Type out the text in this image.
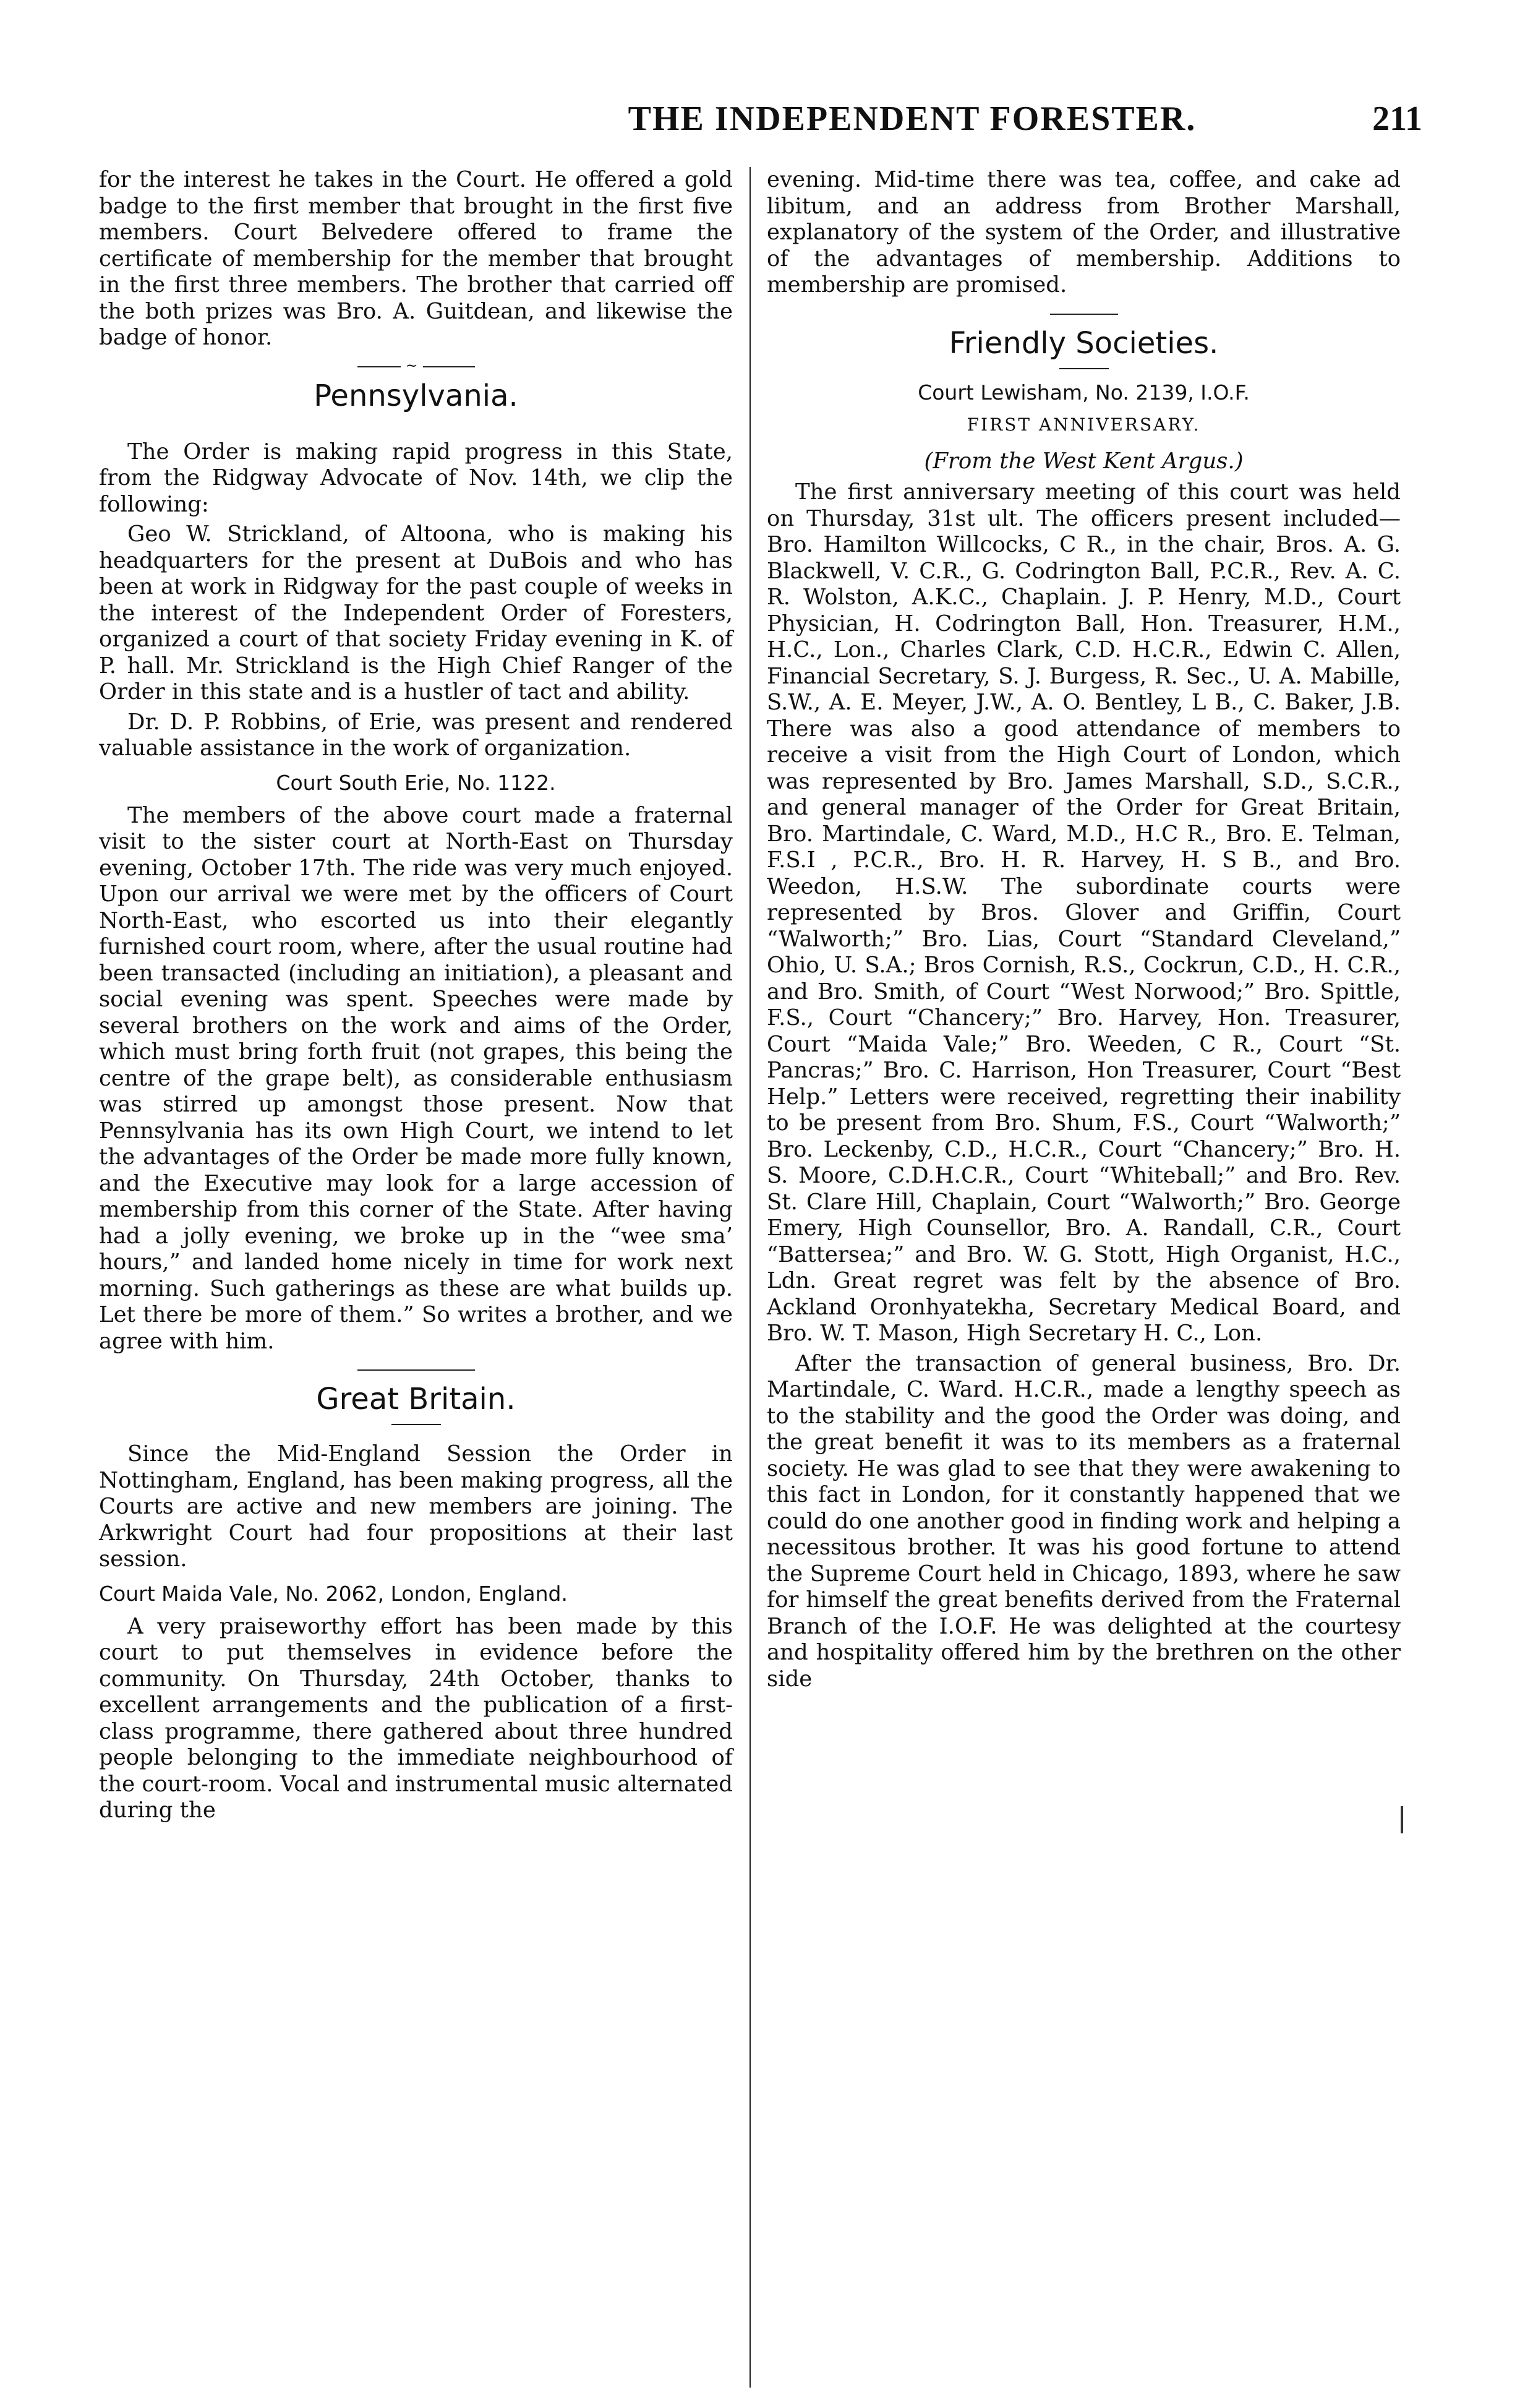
THE INDEPENDENT FORESTER.	211

for the interest he takes in the Court. He offered a gold badge to the first member that brought in the first five members. Court Belvedere offered to frame the certificate of membership for the member that brought in the first three members. The brother that carried off the both prizes was Bro. A. Guitdean, and likewise the badge of honor.

~
Pennsylvania.

The Order is making rapid progress in this State, from the Ridgway Advocate of Nov. 14th, we clip the following:

Geo W. Strickland, of Altoona, who is making his headquarters for the present at DuBois and who has been at work in Ridgway for the past couple of weeks in the interest of the Independent Order of Foresters, organized a court of that society Friday evening in K. of P. hall. Mr. Strickland is the High Chief Ranger of the Order in this state and is a hustler of tact and ability.

Dr. D. P. Robbins, of Erie, was present and rendered valuable assistance in the work of organization.

Court South Erie, No. 1122.

The members of the above court made a fraternal visit to the sister court at North-East on Thursday evening, October 17th. The ride was very much enjoyed. Upon our arrival we were met by the officers of Court North-East, who escorted us into their elegantly furnished court room, where, after the usual routine had been transacted (including an initiation), a pleasant and social evening was spent. Speeches were made by several brothers on the work and aims of the Order, which must bring forth fruit (not grapes, this being the centre of the grape belt), as considerable enthusiasm was stirred up amongst those present. Now that Pennsylvania has its own High Court, we intend to let the advantages of the Order be made more fully known, and the Executive may look for a large accession of membership from this corner of the State. After having had a jolly evening, we broke up in the “wee sma’ hours,” and landed home nicely in time for work next morning. Such gatherings as these are what builds up. Let there be more of them.” So writes a brother, and we agree with him.

Great Britain.

Since the Mid-England Session the Order in Nottingham, England, has been making progress, all the Courts are active and new members are joining. The Arkwright Court had four propositions at their last session.

Court Maida Vale, No. 2062, London, England.

A very praiseworthy effort has been made by this court to put themselves in evidence before the community. On Thursday, 24th October, thanks to excellent arrangements and the publication of a first-class programme, there gathered about three hundred people belonging to the immediate neighbourhood of the court-room. Vocal and instrumental music alternated during the

evening. Mid-time there was tea, coffee, and cake ad libitum, and an address from Brother Marshall, explanatory of the system of the Order, and illustrative of the advantages of membership. Additions to membership are promised.

Friendly Societies.
Court Lewisham, No. 2139, I.O.F.
FIRST ANNIVERSARY.
(From the West Kent Argus.)

The first anniversary meeting of this court was held on Thursday, 31st ult. The officers present included—Bro. Hamilton Willcocks, C R., in the chair, Bros. A. G. Blackwell, V. C.R., G. Codrington Ball, P.C.R., Rev. A. C. R. Wolston, A.K.C., Chaplain. J. P. Henry, M.D., Court Physician, H. Codrington Ball, Hon. Treasurer, H.M., H.C., Lon., Charles Clark, C.D. H.C.R., Edwin C. Allen, Financial Secretary, S. J. Burgess, R. Sec., U. A. Mabille, S.W., A. E. Meyer, J.W., A. O. Bentley, L B., C. Baker, J.B. There was also a good attendance of members to receive a visit from the High Court of London, which was represented by Bro. James Marshall, S.D., S.C.R., and general manager of the Order for Great Britain, Bro. Martindale, C. Ward, M.D., H.C R., Bro. E. Telman, F.S.I , P.C.R., Bro. H. R. Harvey, H. S B., and Bro. Weedon, H.S.W. The subordinate courts were represented by Bros. Glover and Griffin, Court “Walworth;” Bro. Lias, Court “Standard Cleveland,” Ohio, U. S.A.; Bros Cornish, R.S., Cockrun, C.D., H. C.R., and Bro. Smith, of Court “West Norwood;” Bro. Spittle, F.S., Court “Chancery;” Bro. Harvey, Hon. Treasurer, Court “Maida Vale;” Bro. Weeden, C R., Court “St. Pancras;” Bro. C. Harrison, Hon Treasurer, Court “Best Help.” Letters were received, regretting their inability to be present from Bro. Shum, F.S., Court “Walworth;” Bro. Leckenby, C.D., H.C.R., Court “Chancery;” Bro. H. S. Moore, C.D.H.C.R., Court “Whiteball;” and Bro. Rev. St. Clare Hill, Chaplain, Court “Walworth;” Bro. George Emery, High Counsellor, Bro. A. Randall, C.R., Court “Battersea;” and Bro. W. G. Stott, High Organist, H.C., Ldn. Great regret was felt by the absence of Bro. Ackland Oronhyatekha, Secretary Medical Board, and Bro. W. T. Mason, High Secretary H. C., Lon.

After the transaction of general business, Bro. Dr. Martindale, C. Ward. H.C.R., made a lengthy speech as to the stability and the good the Order was doing, and the great benefit it was to its members as a fraternal society. He was glad to see that they were awakening to this fact in London, for it constantly happened that we could do one another good in finding work and helping a necessitous brother. It was his good fortune to attend the Supreme Court held in Chicago, 1893, where he saw for himself the great benefits derived from the Fraternal Branch of the I.O.F. He was delighted at the courtesy and hospitality offered him by the brethren on the other side
